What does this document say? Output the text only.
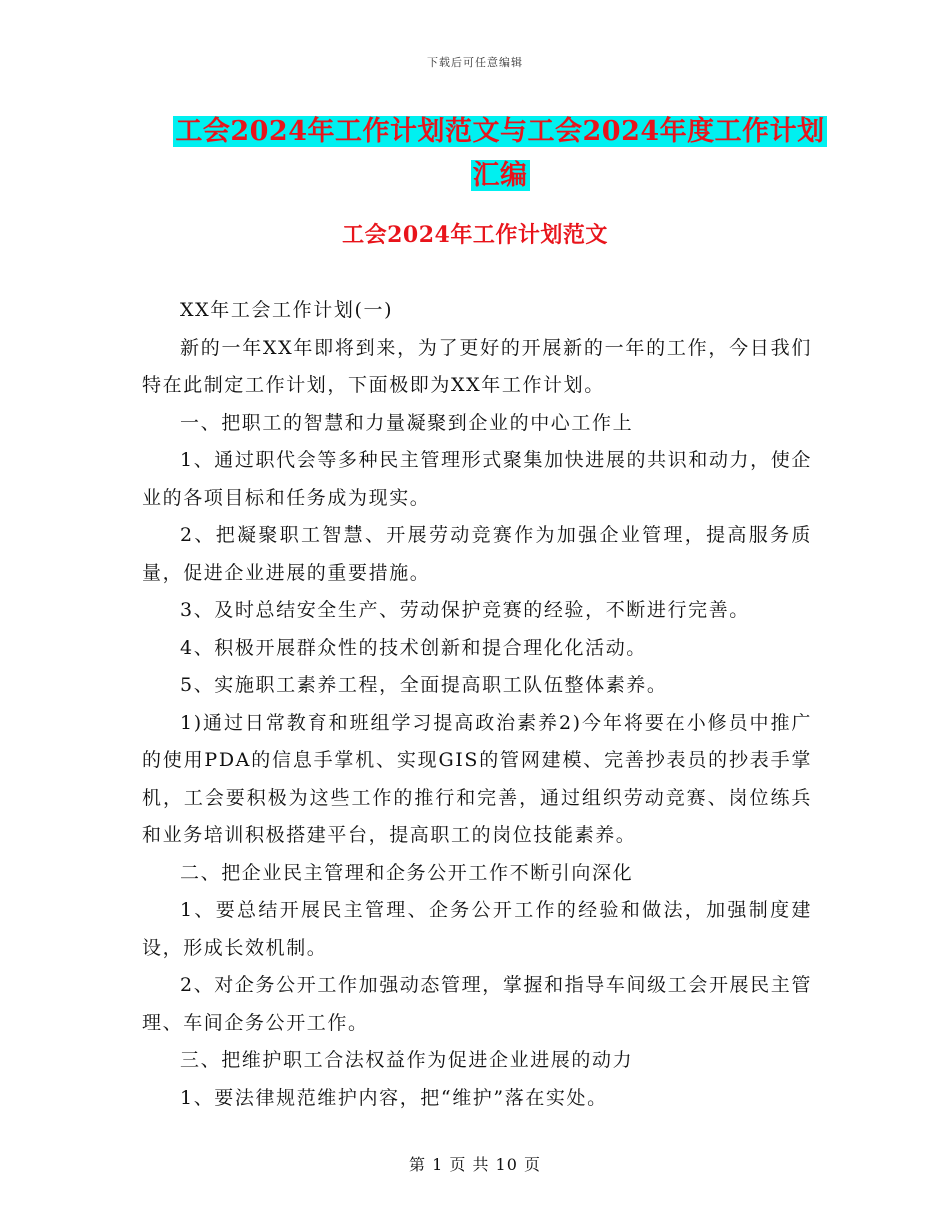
下载后可任意编辑
工会2024年工作计划范文与工会2024年度工作计划
汇编
工会2024年工作计划范文

XX年工会工作计划(一)

新的一年XX年即将到来，为了更好的开展新的一年的工作，今日我们特在此制定工作计划，下面极即为XX年工作计划。

一、把职工的智慧和力量凝聚到企业的中心工作上

1、通过职代会等多种民主管理形式聚集加快进展的共识和动力，使企业的各项目标和任务成为现实。

2、把凝聚职工智慧、开展劳动竞赛作为加强企业管理，提高服务质量，促进企业进展的重要措施。

3、及时总结安全生产、劳动保护竞赛的经验，不断进行完善。

4、积极开展群众性的技术创新和提合理化化活动。

5、实施职工素养工程，全面提高职工队伍整体素养。

1)通过日常教育和班组学习提高政治素养2)今年将要在小修员中推广的使用PDA的信息手掌机、实现GIS的管网建模、完善抄表员的抄表手掌机，工会要积极为这些工作的推行和完善，通过组织劳动竞赛、岗位练兵和业务培训积极搭建平台，提高职工的岗位技能素养。

二、把企业民主管理和企务公开工作不断引向深化

1、要总结开展民主管理、企务公开工作的经验和做法，加强制度建设，形成长效机制。

2、对企务公开工作加强动态管理，掌握和指导车间级工会开展民主管理、车间企务公开工作。

三、把维护职工合法权益作为促进企业进展的动力

1、要法律规范维护内容，把“维护”落在实处。

第 1 页 共 10 页
